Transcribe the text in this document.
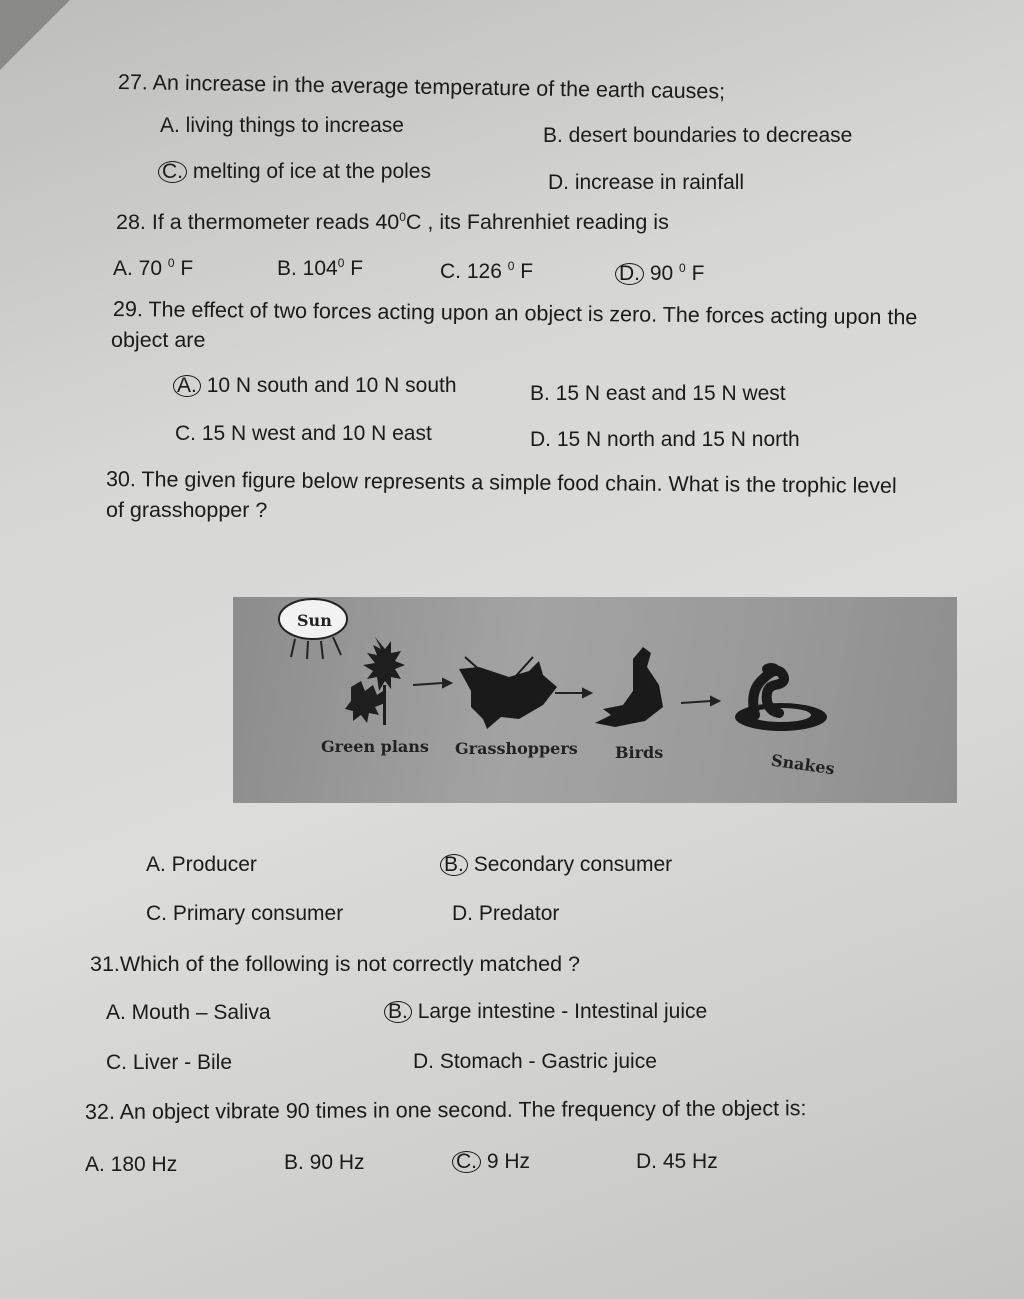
27. An increase in the average temperature of the earth causes;
A. living things to increase	B. desert boundaries to decrease
C. melting of ice at the poles	D. increase in rainfall
28. If a thermometer reads $40^0C$ , its Fahrenhiet reading is
A. 70 $^0$ F	B. $104^0$ F	C. 126 $^0$ F	D. 90 $^0$ F
29. The effect of two forces acting upon an object is zero. The forces acting upon the
object are
A. 10 N south and 10 N south	B. 15 N east and 15 N west
C. 15 N west and 10 N east	D. 15 N north and 15 N north
30. The given figure below represents a simple food chain. What is the trophic level
of grasshopper ?
Sun
Green plans Grasshoppers Birds	Snakes
A. Producer	B. Secondary consumer
C. Primary consumer	D. Predator
31.Which of the following is not correctly matched ?
A. Mouth – Saliva	B. Large intestine - Intestinal juice
C. Liver - Bile	D. Stomach - Gastric juice
32. An object vibrate 90 times in one second. The frequency of the object is:
A. 180 Hz	B. 90 Hz	C. 9 Hz	D. 45 Hz
